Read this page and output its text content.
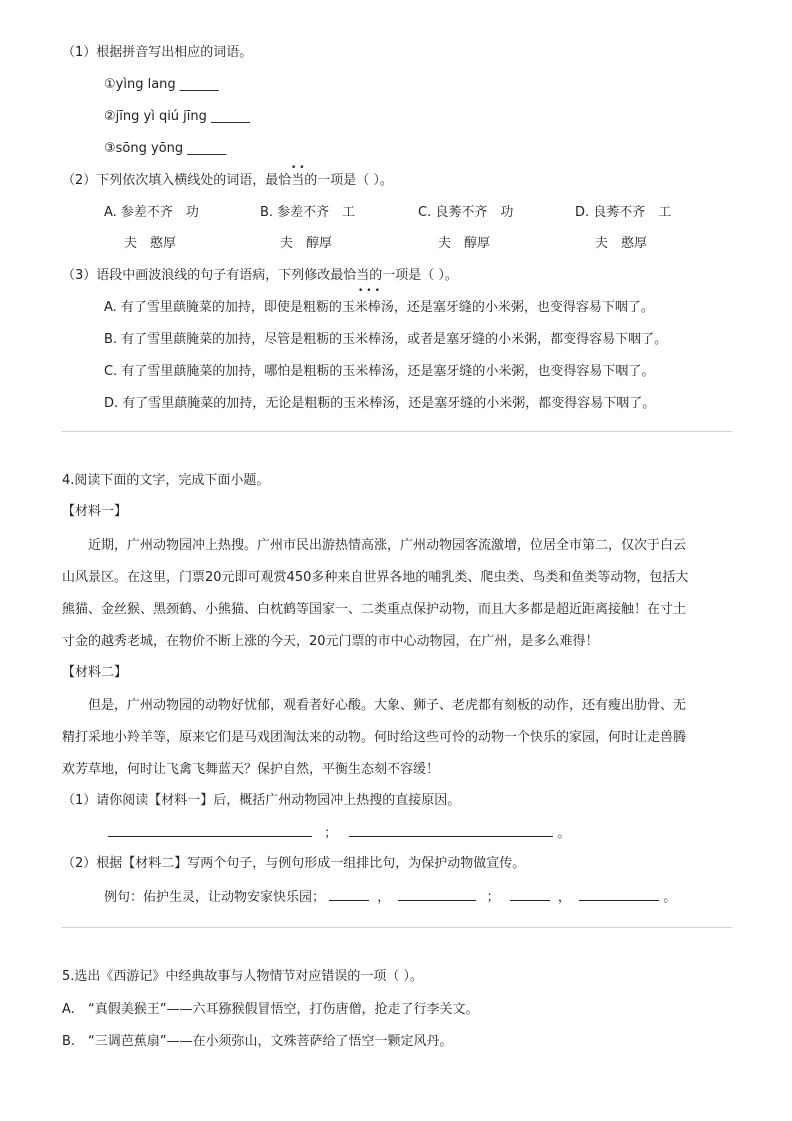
（1）根据拼音写出相应的词语。
①yìng lang ______
②jīng yì qiú jīng ______
③sōng yōng ______
（2）下列依次填入横线处的词语，最恰当的一项是（ ）。
••
A. 参差不齐　功	B. 参差不齐　工	C. 良莠不齐　功	D. 良莠不齐　工
夫　憨厚	夫　醇厚	夫　醇厚	夫　憨厚
（3）语段中画波浪线的句子有语病，下列修改最恰当的一项是（ ）。
•••
A. 有了雪里蕻腌菜的加持，即使是粗粝的玉米棒汤，还是塞牙缝的小米粥，也变得容易下咽了。
B. 有了雪里蕻腌菜的加持，尽管是粗粝的玉米棒汤，或者是塞牙缝的小米粥，都变得容易下咽了。
C. 有了雪里蕻腌菜的加持，哪怕是粗粝的玉米棒汤，还是塞牙缝的小米粥，也变得容易下咽了。
D. 有了雪里蕻腌菜的加持，无论是粗粝的玉米棒汤，还是塞牙缝的小米粥，都变得容易下咽了。
4.阅读下面的文字，完成下面小题。
【材料一】
近期，广州动物园冲上热搜。广州市民出游热情高涨，广州动物园客流激增，位居全市第二，仅次于白云
山风景区。在这里，门票20元即可观赏450多种来自世界各地的哺乳类、爬虫类、鸟类和鱼类等动物，包括大
熊猫、金丝猴、黑颈鹤、小熊猫、白枕鹤等国家一、二类重点保护动物，而且大多都是超近距离接触！在寸土
寸金的越秀老城，在物价不断上涨的今天，20元门票的市中心动物园，在广州，是多么难得！
【材料二】
但是，广州动物园的动物好忧郁，观看者好心酸。大象、狮子、老虎都有刻板的动作，还有瘦出肋骨、无
精打采地小羚羊等，原来它们是马戏团淘汰来的动物。何时给这些可怜的动物一个快乐的家园，何时让走兽腾
欢芳草地，何时让飞禽飞舞蓝天？保护自然，平衡生态刻不容缓！
（1）请你阅读【材料一】后，概括广州动物园冲上热搜的直接原因。
；	。
（2）根据【材料二】写两个句子，与例句形成一组排比句，为保护动物做宣传。
例句：佑护生灵，让动物安家快乐园；	，	；	，	。
5.选出《西游记》中经典故事与人物情节对应错误的一项（ ）。
A. “真假美猴王”——六耳猕猴假冒悟空，打伤唐僧，抢走了行李关文。
B. “三调芭蕉扇”——在小须弥山，文殊菩萨给了悟空一颗定风丹。
